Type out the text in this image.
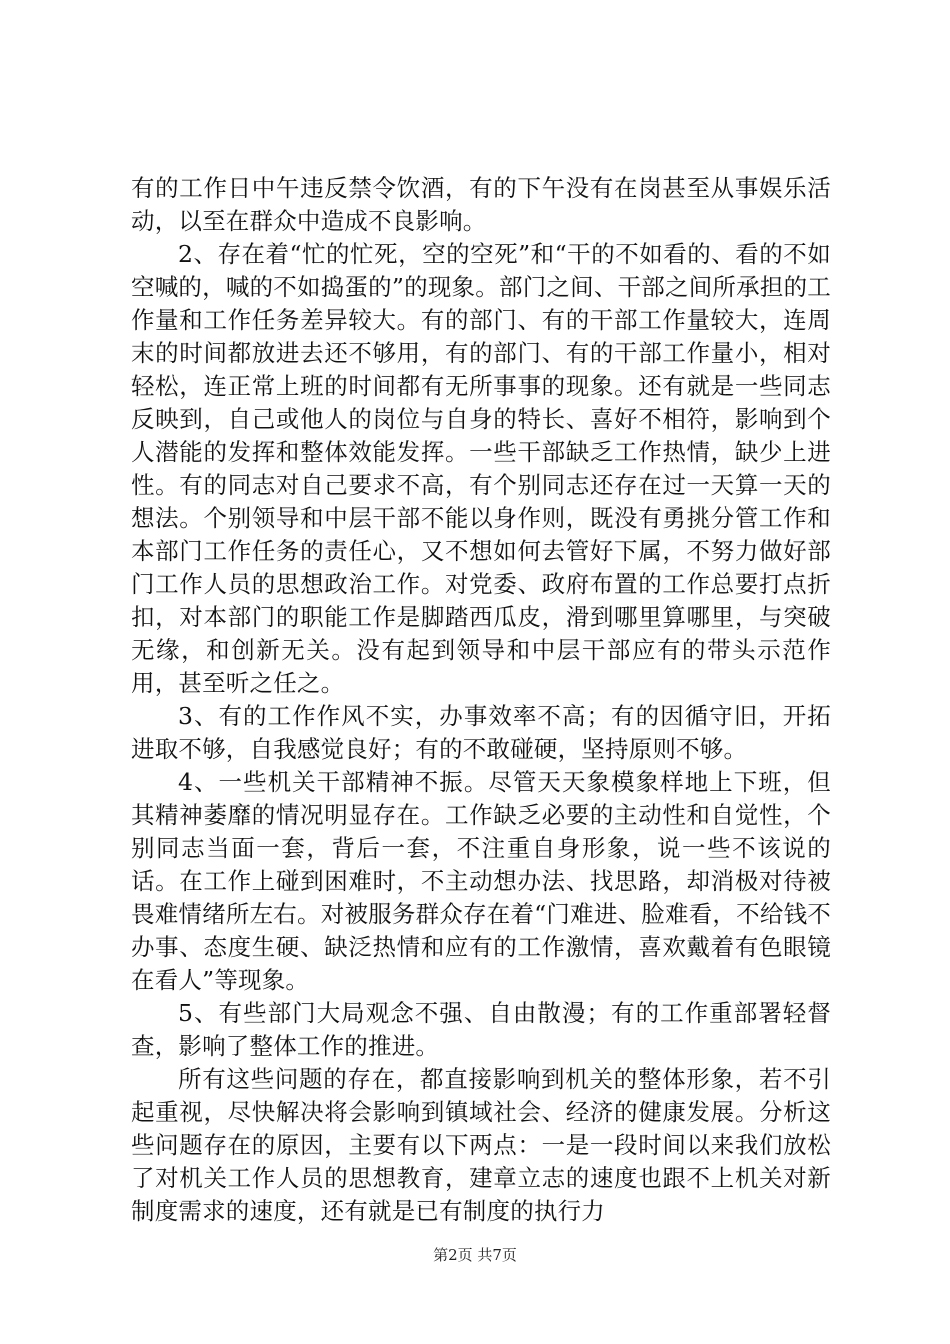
有的工作日中午违反禁令饮酒，有的下午没有在岗甚至从事娱乐活动，以至在群众中造成不良影响。

2、存在着“忙的忙死，空的空死”和“干的不如看的、看的不如空喊的，喊的不如捣蛋的”的现象。部门之间、干部之间所承担的工作量和工作任务差异较大。有的部门、有的干部工作量较大，连周末的时间都放进去还不够用，有的部门、有的干部工作量小，相对轻松，连正常上班的时间都有无所事事的现象。还有就是一些同志反映到，自己或他人的岗位与自身的特长、喜好不相符，影响到个人潜能的发挥和整体效能发挥。一些干部缺乏工作热情，缺少上进性。有的同志对自己要求不高，有个别同志还存在过一天算一天的想法。个别领导和中层干部不能以身作则，既没有勇挑分管工作和本部门工作任务的责任心，又不想如何去管好下属，不努力做好部门工作人员的思想政治工作。对党委、政府布置的工作总要打点折扣，对本部门的职能工作是脚踏西瓜皮，滑到哪里算哪里，与突破无缘，和创新无关。没有起到领导和中层干部应有的带头示范作用，甚至听之任之。

3、有的工作作风不实，办事效率不高；有的因循守旧，开拓进取不够，自我感觉良好；有的不敢碰硬，坚持原则不够。

4、一些机关干部精神不振。尽管天天象模象样地上下班，但其精神萎靡的情况明显存在。工作缺乏必要的主动性和自觉性，个别同志当面一套，背后一套，不注重自身形象，说一些不该说的话。在工作上碰到困难时，不主动想办法、找思路，却消极对待被畏难情绪所左右。对被服务群众存在着“门难进、脸难看，不给钱不办事、态度生硬、缺泛热情和应有的工作激情，喜欢戴着有色眼镜在看人”等现象。

5、有些部门大局观念不强、自由散漫；有的工作重部署轻督查，影响了整体工作的推进。

所有这些问题的存在，都直接影响到机关的整体形象，若不引起重视，尽快解决将会影响到镇域社会、经济的健康发展。分析这些问题存在的原因，主要有以下两点：一是一段时间以来我们放松了对机关工作人员的思想教育，建章立志的速度也跟不上机关对新制度需求的速度，还有就是已有制度的执行力

第2页 共7页
